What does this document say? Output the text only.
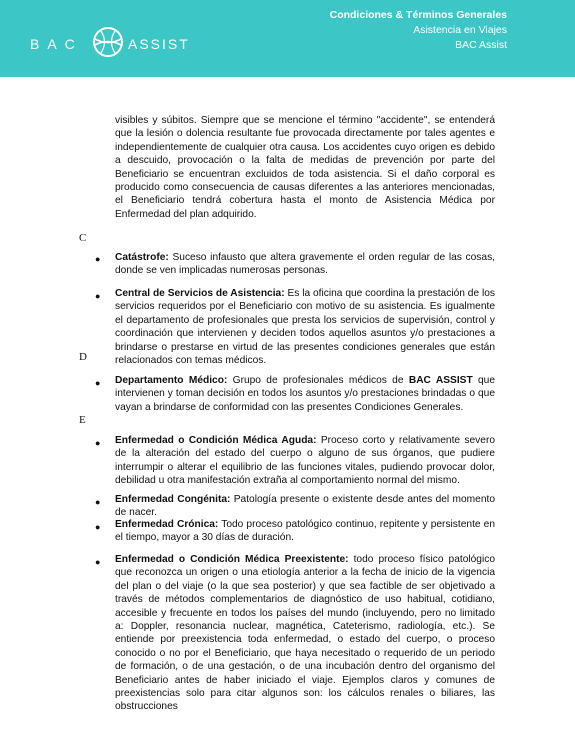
BAC	ASSIST
Condiciones & Términos Generales
Asistencia en Viajes
BAC Assist

visibles y súbitos. Siempre que se mencione el término "accidente", se entenderá que la lesión o dolencia resultante fue provocada directamente por tales agentes e independientemente de cualquier otra causa. Los accidentes cuyo origen es debido a descuido, provocación o la falta de medidas de prevención por parte del Beneficiario se encuentran excluidos de toda asistencia. Si el daño corporal es producido como consecuencia de causas diferentes a las anteriores mencionadas, el Beneficiario tendrá cobertura hasta el monto de Asistencia Médica por Enfermedad del plan adquirido.

C

● Catástrofe: Suceso infausto que altera gravemente el orden regular de las cosas, donde se ven implicadas numerosas personas.

● Central de Servicios de Asistencia: Es la oficina que coordina la prestación de los servicios requeridos por el Beneficiario con motivo de su asistencia. Es igualmente el departamento de profesionales que presta los servicios de supervisión, control y coordinación que intervienen y deciden todos aquellos asuntos y/o prestaciones a brindarse o prestarse en virtud de las presentes condiciones generales que están relacionados con temas médicos.

D

● Departamento Médico: Grupo de profesionales médicos de BAC ASSIST que intervienen y toman decisión en todos los asuntos y/o prestaciones brindadas o que vayan a brindarse de conformidad con las presentes Condiciones Generales.

E

● Enfermedad o Condición Médica Aguda: Proceso corto y relativamente severo de la alteración del estado del cuerpo o alguno de sus órganos, que pudiere interrumpir o alterar el equilibrio de las funciones vitales, pudiendo provocar dolor, debilidad u otra manifestación extraña al comportamiento normal del mismo.

● Enfermedad Congénita: Patología presente o existente desde antes del momento de nacer.

● Enfermedad Crónica: Todo proceso patológico continuo, repitente y persistente en el tiempo, mayor a 30 días de duración.

● Enfermedad o Condición Médica Preexistente: todo proceso físico patológico que reconozca un origen o una etiología anterior a la fecha de inicio de la vigencia del plan o del viaje (o la que sea posterior) y que sea factible de ser objetivado a través de métodos complementarios de diagnóstico de uso habitual, cotidiano, accesible y frecuente en todos los países del mundo (incluyendo, pero no limitado a: Doppler, resonancia nuclear, magnética, Cateterismo, radiología, etc.). Se entiende por preexistencia toda enfermedad, o estado del cuerpo, o proceso conocido o no por el Beneficiario, que haya necesitado o requerido de un periodo de formación, o de una gestación, o de una incubación dentro del organismo del Beneficiario antes de haber iniciado el viaje. Ejemplos claros y comunes de preexistencias solo para citar algunos son: los cálculos renales o biliares, las obstrucciones
